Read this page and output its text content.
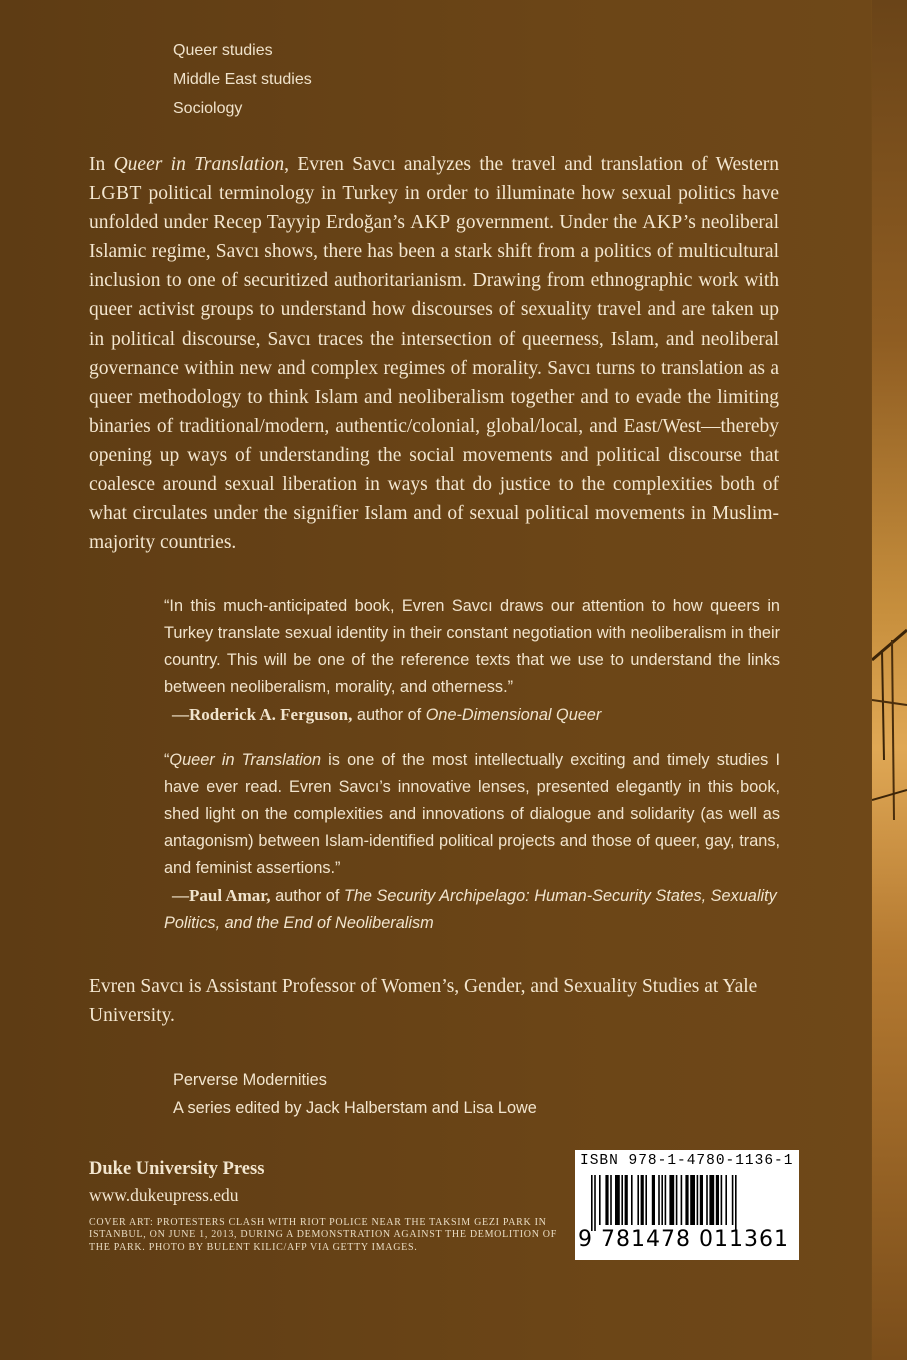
Queer studies
Middle East studies
Sociology
In Queer in Translation, Evren Savcı analyzes the travel and translation of Western LGBT political terminology in Turkey in order to illuminate how sexual politics have unfolded under Recep Tayyip Erdoğan’s AKP government. Under the AKP’s neoliberal Islamic regime, Savcı shows, there has been a stark shift from a politics of multicultural inclusion to one of securitized authoritarianism. Drawing from ethnographic work with queer activist groups to understand how discourses of sexuality travel and are taken up in political discourse, Savcı traces the intersection of queerness, Islam, and neoliberal governance within new and complex regimes of morality. Savcı turns to translation as a queer methodology to think Islam and neoliberalism together and to evade the limiting binaries of traditional/modern, authentic/colonial, global/local, and East/West—thereby opening up ways of understanding the social movements and political discourse that coalesce around sexual liberation in ways that do justice to the complexities both of what circulates under the signifier Islam and of sexual political movements in Muslim-majority countries.
“In this much-anticipated book, Evren Savcı draws our attention to how queers in Turkey translate sexual identity in their constant negotiation with neoliberalism in their country. This will be one of the reference texts that we use to understand the links between neoliberalism, morality, and otherness.”
—Roderick A. Ferguson, author of One-Dimensional Queer
“Queer in Translation is one of the most intellectually exciting and timely studies I have ever read. Evren Savcı’s innovative lenses, presented elegantly in this book, shed light on the complexities and innovations of dialogue and solidarity (as well as antagonism) between Islam-identified political projects and those of queer, gay, trans, and feminist assertions.”
—Paul Amar, author of The Security Archipelago: Human-Security States, Sexuality Politics, and the End of Neoliberalism
Evren Savcı is Assistant Professor of Women’s, Gender, and Sexuality Studies at Yale University.
Perverse Modernities
A series edited by Jack Halberstam and Lisa Lowe
Duke University Press
www.dukeupress.edu
COVER ART: PROTESTERS CLASH WITH RIOT POLICE NEAR THE TAKSIM GEZI PARK IN ISTANBUL, ON JUNE 1, 2013, DURING A DEMONSTRATION AGAINST THE DEMOLITION OF THE PARK. PHOTO BY BULENT KILIC/AFP VIA GETTY IMAGES.
ISBN 978-1-4780-1136-1
9 781478 011361
